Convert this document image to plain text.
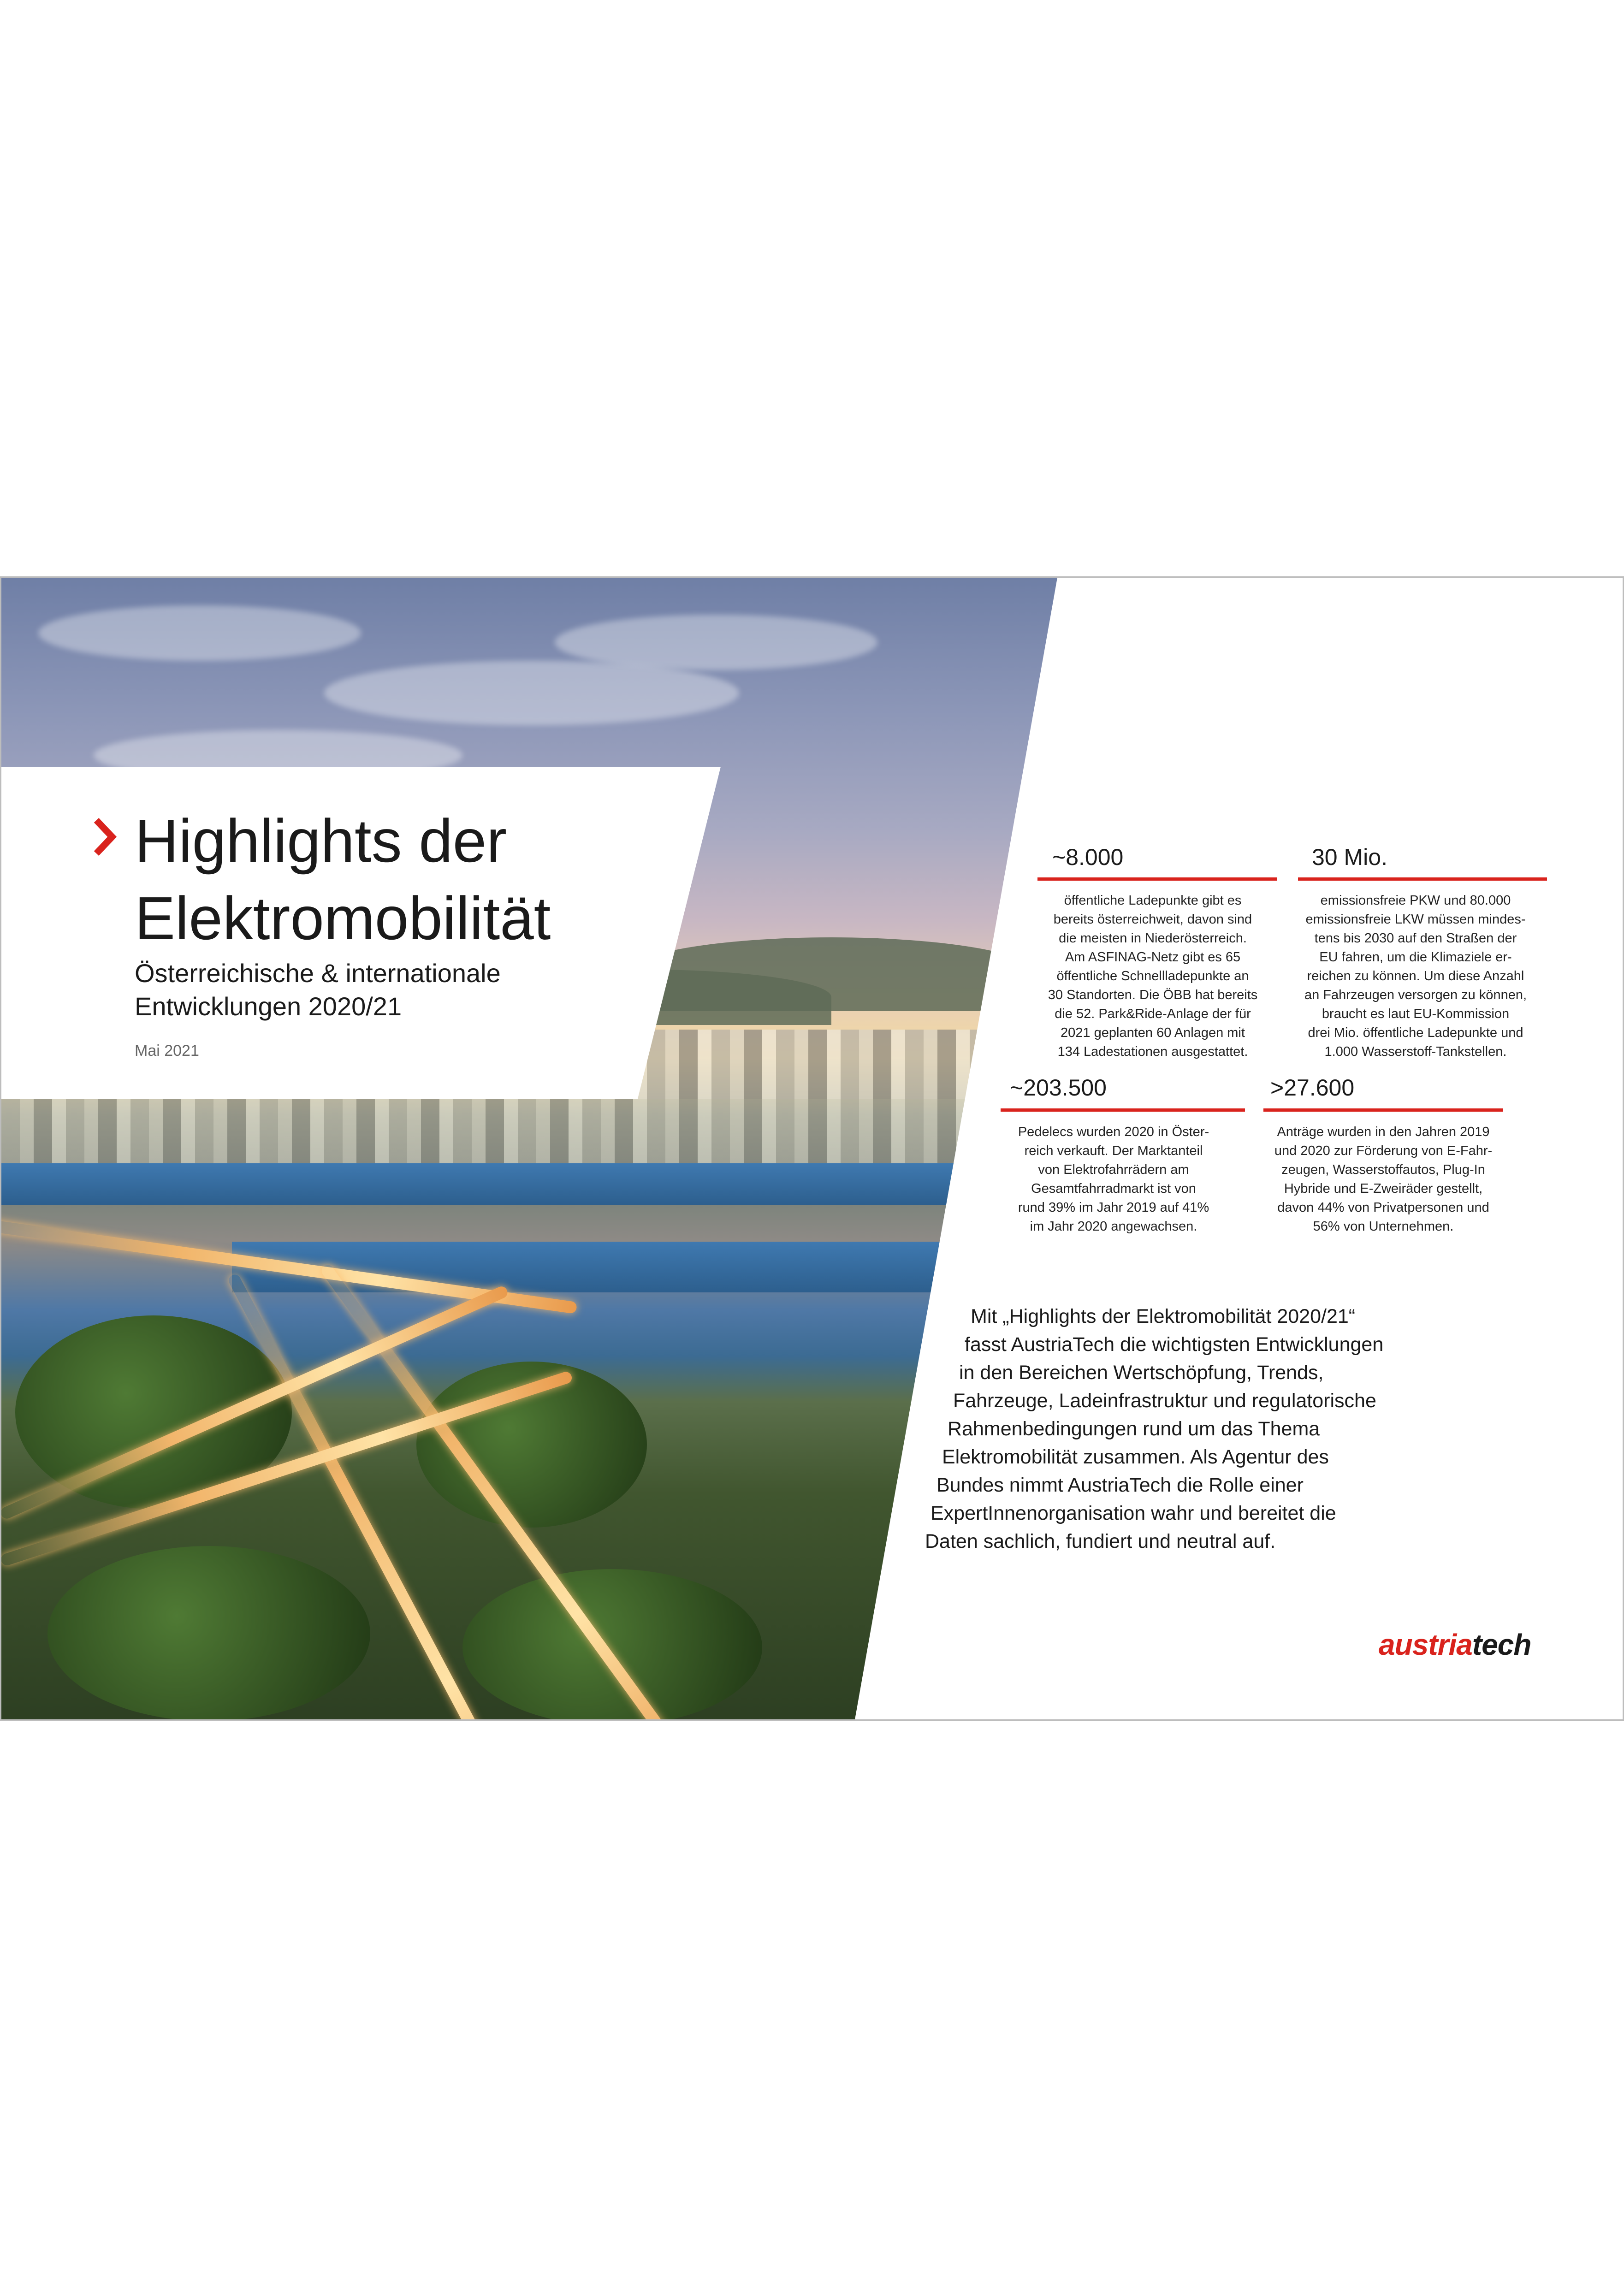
Highlights der
Elektromobilität

Österreichische & internationale
Entwicklungen 2020/21

Mai 2021
~8.000
öffentliche Ladepunkte gibt es
bereits österreichweit, davon sind
die meisten in Niederösterreich.
Am ASFINAG-Netz gibt es 65
öffentliche Schnellladepunkte an
30 Standorten. Die ÖBB hat bereits
die 52. Park&Ride-Anlage der für
2021 geplanten 60 Anlagen mit
134 Ladestationen ausgestattet.
30 Mio.
emissionsfreie PKW und 80.000
emissionsfreie LKW müssen mindes-
tens bis 2030 auf den Straßen der
EU fahren, um die Klimaziele er-
reichen zu können. Um diese Anzahl
an Fahrzeugen versorgen zu können,
braucht es laut EU-Kommission
drei Mio. öffentliche Ladepunkte und
1.000 Wasserstoff-Tankstellen.
~203.500
Pedelecs wurden 2020 in Öster-
reich verkauft. Der Marktanteil
von Elektrofahrrädern am
Gesamtfahrradmarkt ist von
rund 39% im Jahr 2019 auf 41%
im Jahr 2020 angewachsen.
>27.600
Anträge wurden in den Jahren 2019
und 2020 zur Förderung von E-Fahr-
zeugen, Wasserstoffautos, Plug-In
Hybride und E-Zweiräder gestellt,
davon 44% von Privatpersonen und
56% von Unternehmen.
Mit „Highlights der Elektromobilität 2020/21“
fasst AustriaTech die wichtigsten Entwicklungen
in den Bereichen Wertschöpfung, Trends,
Fahrzeuge, Ladeinfrastruktur und regulatorische
Rahmenbedingungen rund um das Thema
Elektromobilität zusammen. Als Agentur des
Bundes nimmt AustriaTech die Rolle einer
ExpertInnenorganisation wahr und bereitet die
Daten sachlich, fundiert und neutral auf.
austriatech
